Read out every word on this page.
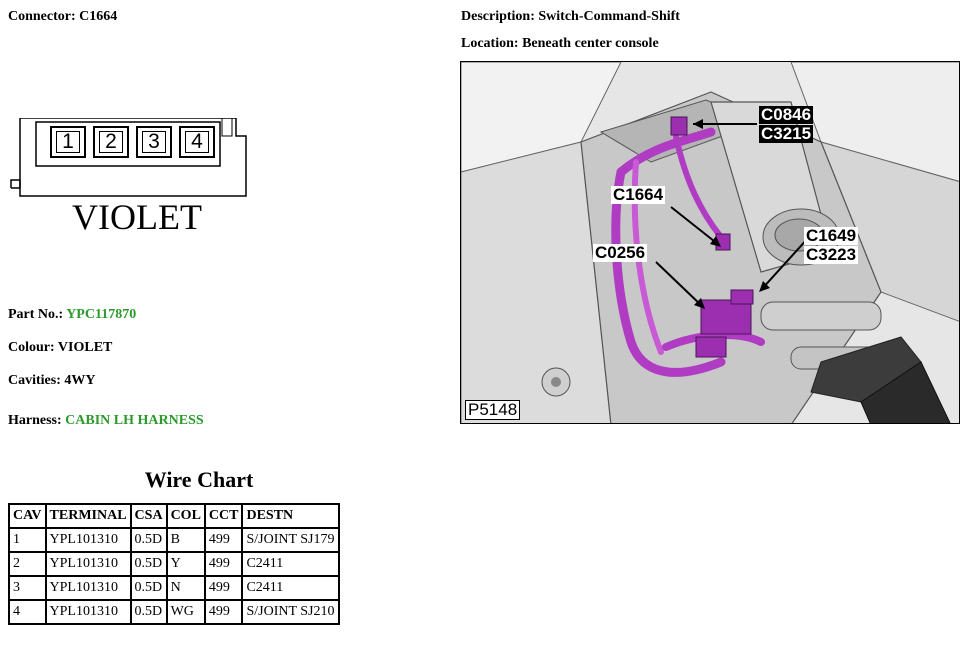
Connector: C1664	Description: Switch-Command-Shift
Location: Beneath center console
1 2 3 4
VIOLET
Part No.: YPC117870
Colour: VIOLET
Cavities: 4WY
Harness: CABIN LH HARNESS
Wire Chart
CAV	TERMINAL	CSA	COL	CCT	DESTN
1	YPL101310	0.5D	B	499	S/JOINT SJ179
2	YPL101310	0.5D	Y	499	C2411
3	YPL101310	0.5D	N	499	C2411
4	YPL101310	0.5D	WG	499	S/JOINT SJ210
C0846
C3215
C1664
C0256
C1649
C3223
P5148
